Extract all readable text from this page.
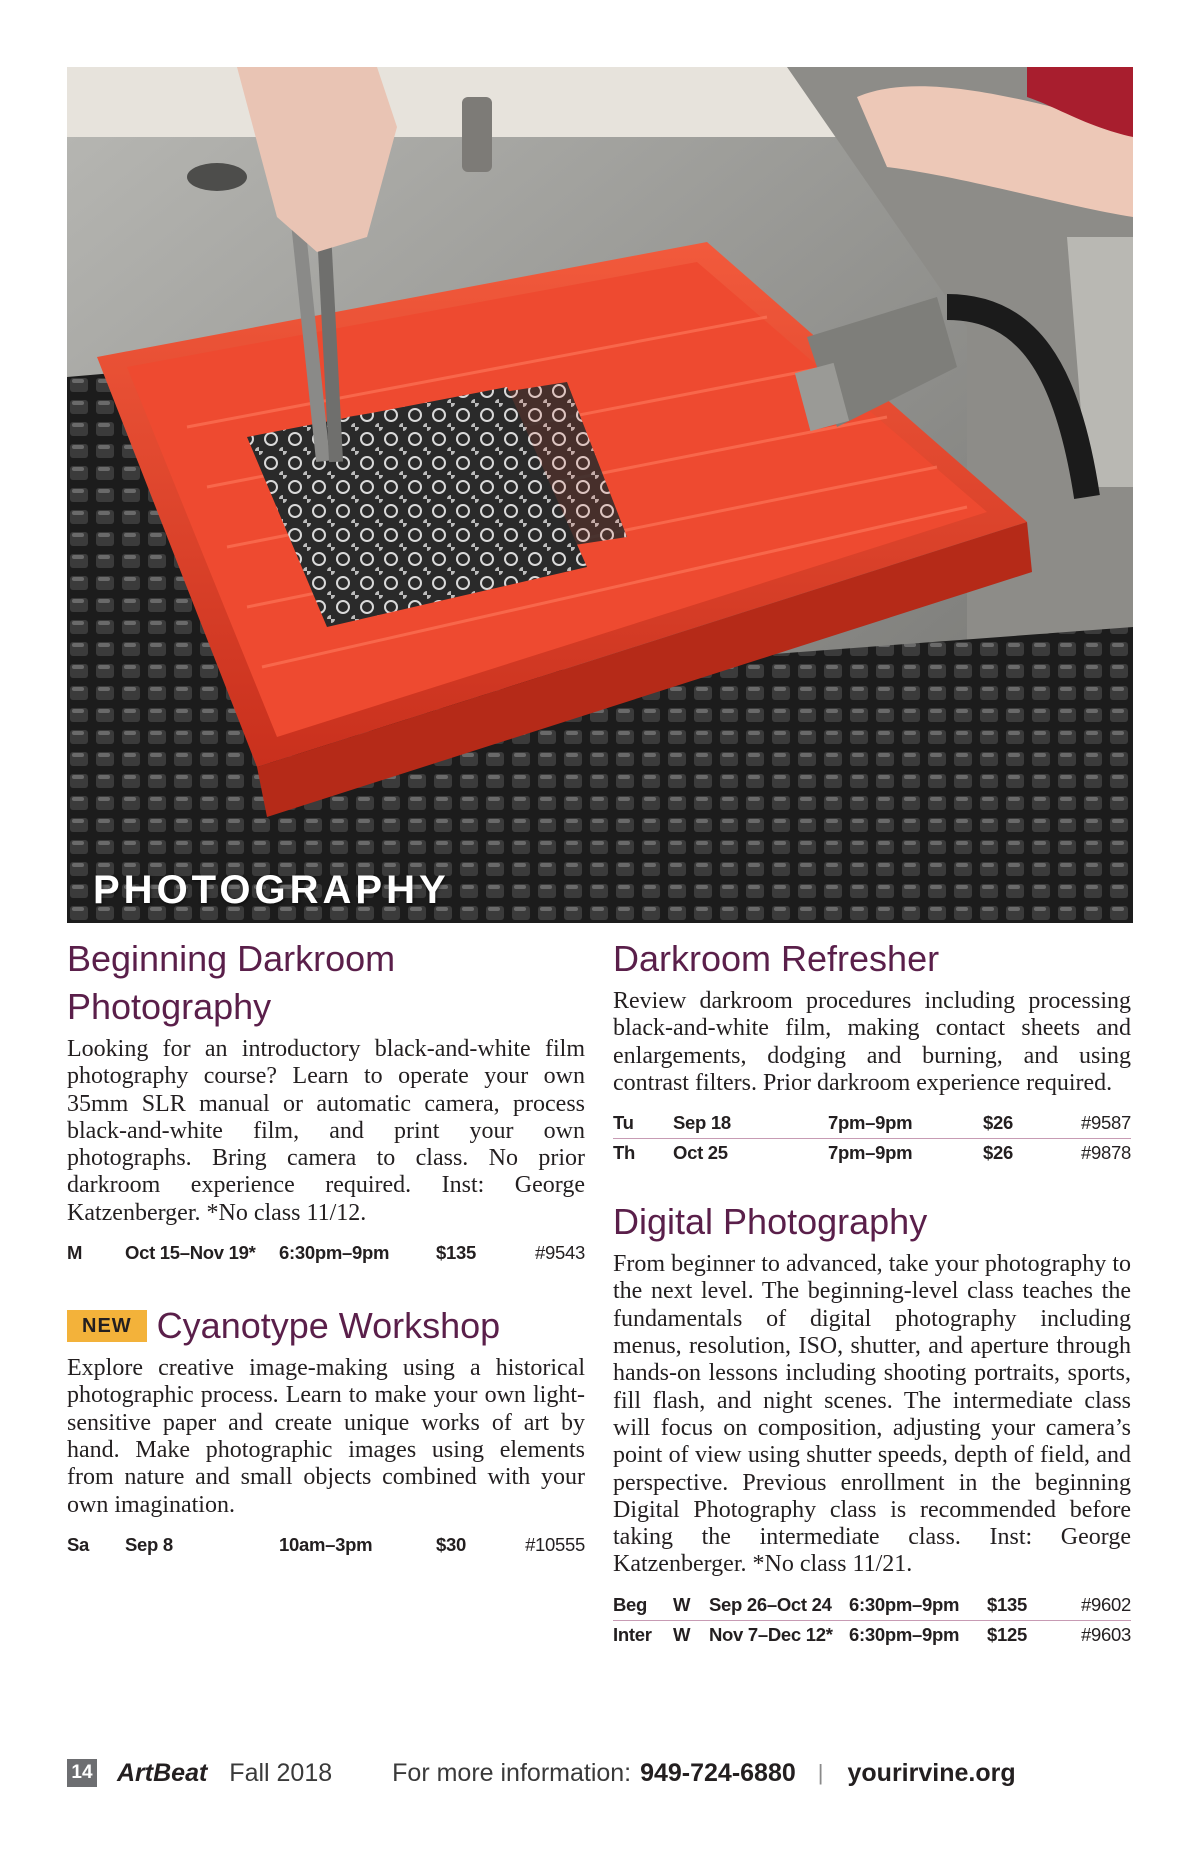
PHOTOGRAPHY
Beginning Darkroom
Photography

Looking for an introductory black-and-white film photography course? Learn to operate your own 35mm SLR manual or automatic camera, process black-and-white film, and print your own photographs. Bring camera to class. No prior darkroom experience required. Inst: George Katzenberger. *No class 11/12.

M	Oct 15–Nov 19*	6:30pm–9pm	$135	#9543
NEW Cyanotype Workshop

Explore creative image-making using a historical photographic process. Learn to make your own light-sensitive paper and create unique works of art by hand. Make photographic images using elements from nature and small objects combined with your own imagination.

Sa	Sep 8	10am–3pm	$30	#10555
Darkroom Refresher

Review darkroom procedures including processing black-and-white film, making contact sheets and enlargements, dodging and burning, and using contrast filters. Prior darkroom experience required.

Tu	Sep 18	7pm–9pm	$26	#9587
Th	Oct 25	7pm–9pm	$26	#9878
Digital Photography

From beginner to advanced, take your photography to the next level. The beginning-level class teaches the fundamentals of digital photography including menus, resolution, ISO, shutter, and aperture through hands-on lessons including shooting portraits, sports, fill flash, and night scenes. The intermediate class will focus on composition, adjusting your camera’s point of view using shutter speeds, depth of field, and perspective. Previous enrollment in the beginning Digital Photography class is recommended before taking the intermediate class. Inst: George Katzenberger. *No class 11/21.

Beg	W	Sep 26–Oct 24	6:30pm–9pm	$135	#9602
Inter	W	Nov 7–Dec 12*	6:30pm–9pm	$125	#9603
14 ArtBeat Fall 2018 For more information:
949-724-6880 | yourirvine.org
